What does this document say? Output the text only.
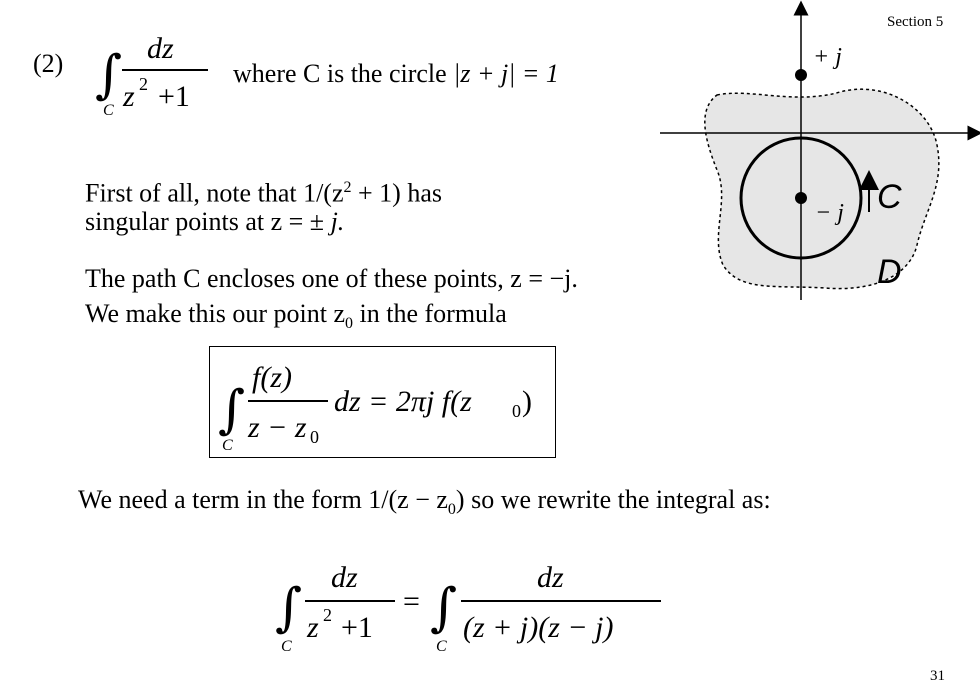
Section 5
31
(2) ∫
C
dz
z 2 +1
where C is the circle |z + j| = 1
First of all, note that $1/(z^2 + 1)$ has
singular points at z = ± j.
The path C encloses one of these points, z = −j.
We make this our point $z_0$ in the formula
∫
C
f(z)
z − z 0
dz = 2πj f(z 0 )
We need a term in the form $1/(z - z_0)$ so we rewrite the integral as:
∫
C
dz
z 2 +1
= ∫
C
dz
(z + j)(z − j)
+ j
− j C
D
